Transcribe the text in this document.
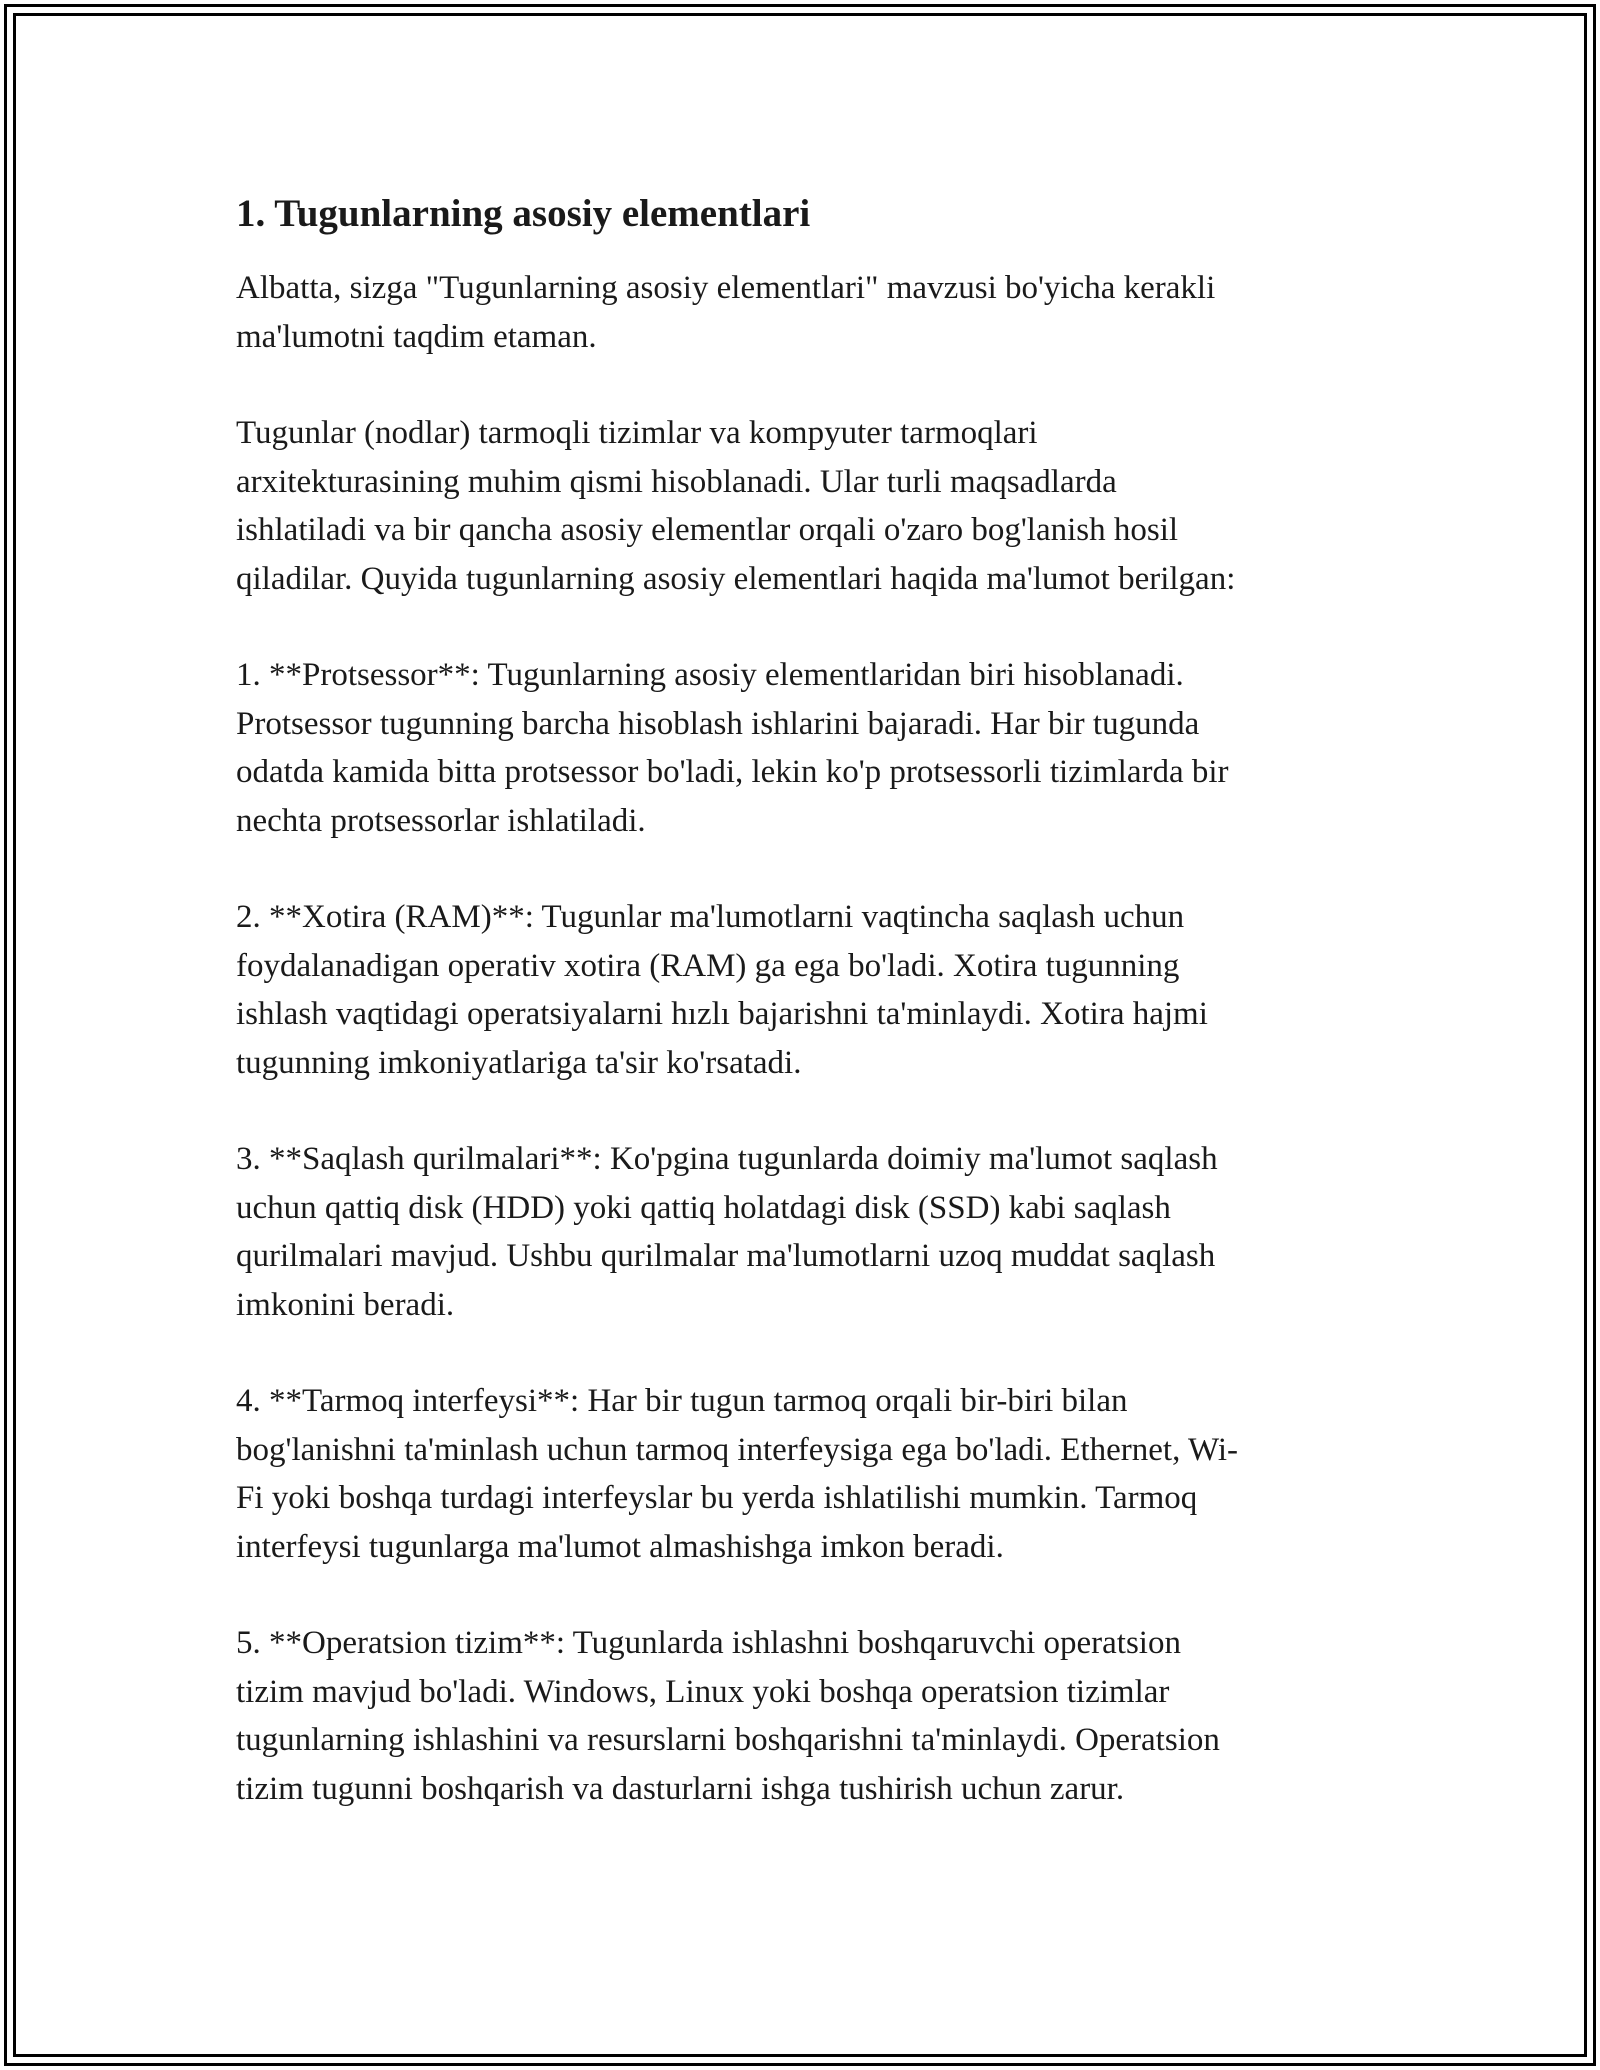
1. Tugunlarning asosiy elementlari

Albatta, sizga "Tugunlarning asosiy elementlari" mavzusi bo'yicha kerakli
ma'lumotni taqdim etaman.

Tugunlar (nodlar) tarmoqli tizimlar va kompyuter tarmoqlari
arxitekturasining muhim qismi hisoblanadi. Ular turli maqsadlarda
ishlatiladi va bir qancha asosiy elementlar orqali o'zaro bog'lanish hosil
qiladilar. Quyida tugunlarning asosiy elementlari haqida ma'lumot berilgan:

1. **Protsessor**: Tugunlarning asosiy elementlaridan biri hisoblanadi.
Protsessor tugunning barcha hisoblash ishlarini bajaradi. Har bir tugunda
odatda kamida bitta protsessor bo'ladi, lekin ko'p protsessorli tizimlarda bir
nechta protsessorlar ishlatiladi.

2. **Xotira (RAM)**: Tugunlar ma'lumotlarni vaqtincha saqlash uchun
foydalanadigan operativ xotira (RAM) ga ega bo'ladi. Xotira tugunning
ishlash vaqtidagi operatsiyalarni hızlı bajarishni ta'minlaydi. Xotira hajmi
tugunning imkoniyatlariga ta'sir ko'rsatadi.

3. **Saqlash qurilmalari**: Ko'pgina tugunlarda doimiy ma'lumot saqlash
uchun qattiq disk (HDD) yoki qattiq holatdagi disk (SSD) kabi saqlash
qurilmalari mavjud. Ushbu qurilmalar ma'lumotlarni uzoq muddat saqlash
imkonini beradi.

4. **Tarmoq interfeysi**: Har bir tugun tarmoq orqali bir-biri bilan
bog'lanishni ta'minlash uchun tarmoq interfeysiga ega bo'ladi. Ethernet, Wi-
Fi yoki boshqa turdagi interfeyslar bu yerda ishlatilishi mumkin. Tarmoq
interfeysi tugunlarga ma'lumot almashishga imkon beradi.

5. **Operatsion tizim**: Tugunlarda ishlashni boshqaruvchi operatsion
tizim mavjud bo'ladi. Windows, Linux yoki boshqa operatsion tizimlar
tugunlarning ishlashini va resurslarni boshqarishni ta'minlaydi. Operatsion
tizim tugunni boshqarish va dasturlarni ishga tushirish uchun zarur.
